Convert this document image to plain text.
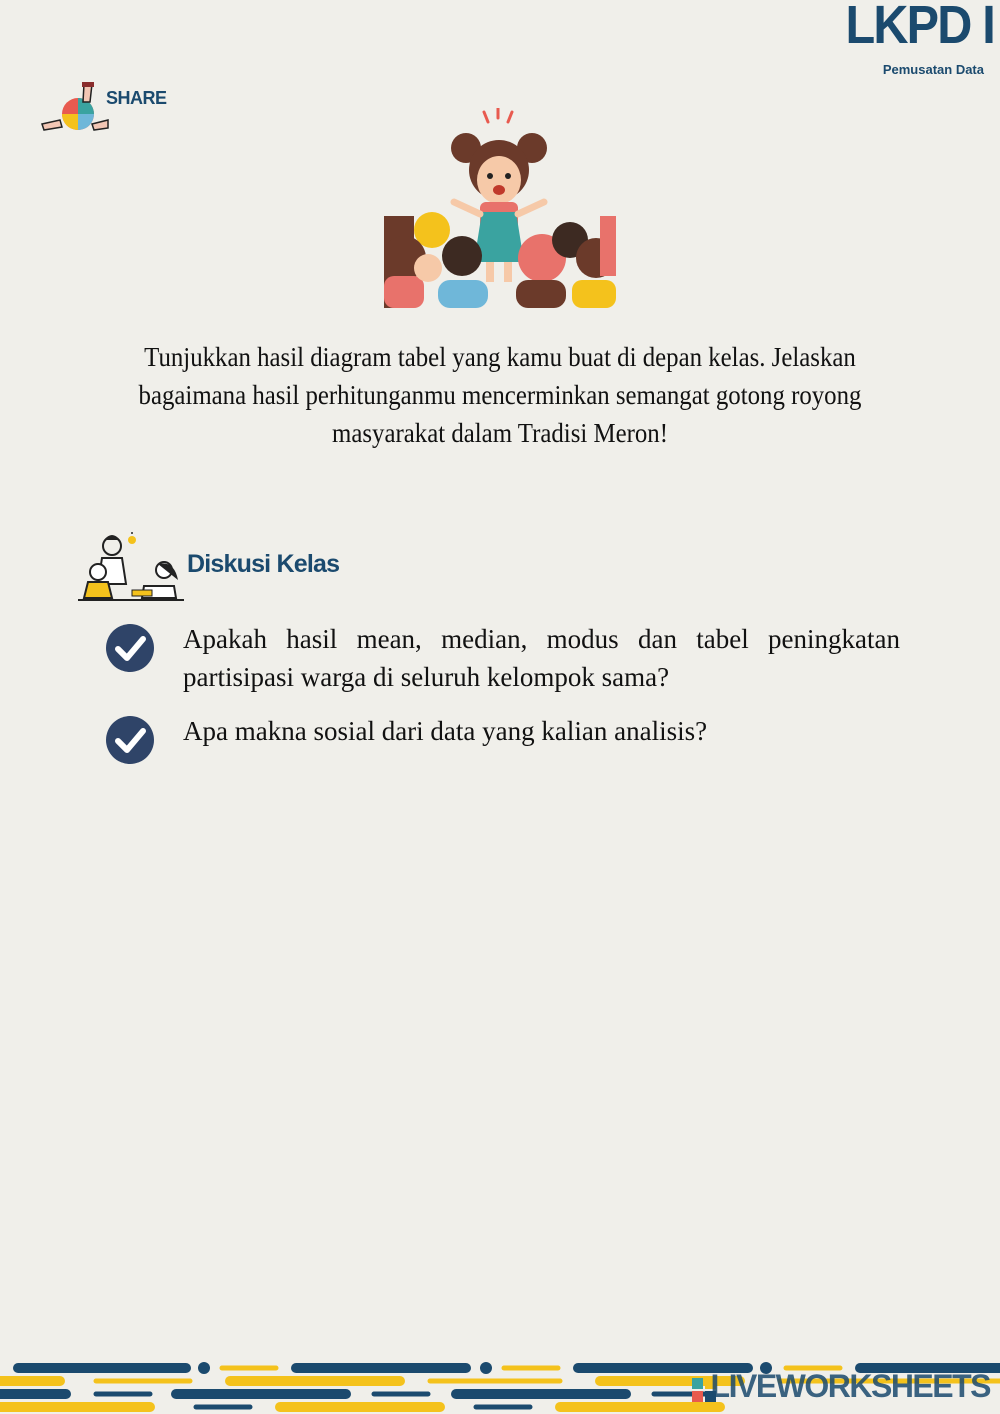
LKPD I
Pemusatan Data
SHARE
Tunjukkan hasil diagram tabel yang kamu buat di depan kelas. Jelaskan bagaimana hasil perhitunganmu mencerminkan semangat gotong royong masyarakat dalam Tradisi Meron!
Diskusi Kelas
Apakah hasil mean, median, modus dan tabel peningkatan partisipasi warga di seluruh kelompok sama?
Apa makna sosial dari data yang kalian analisis?
LIVEWORKSHEETS
